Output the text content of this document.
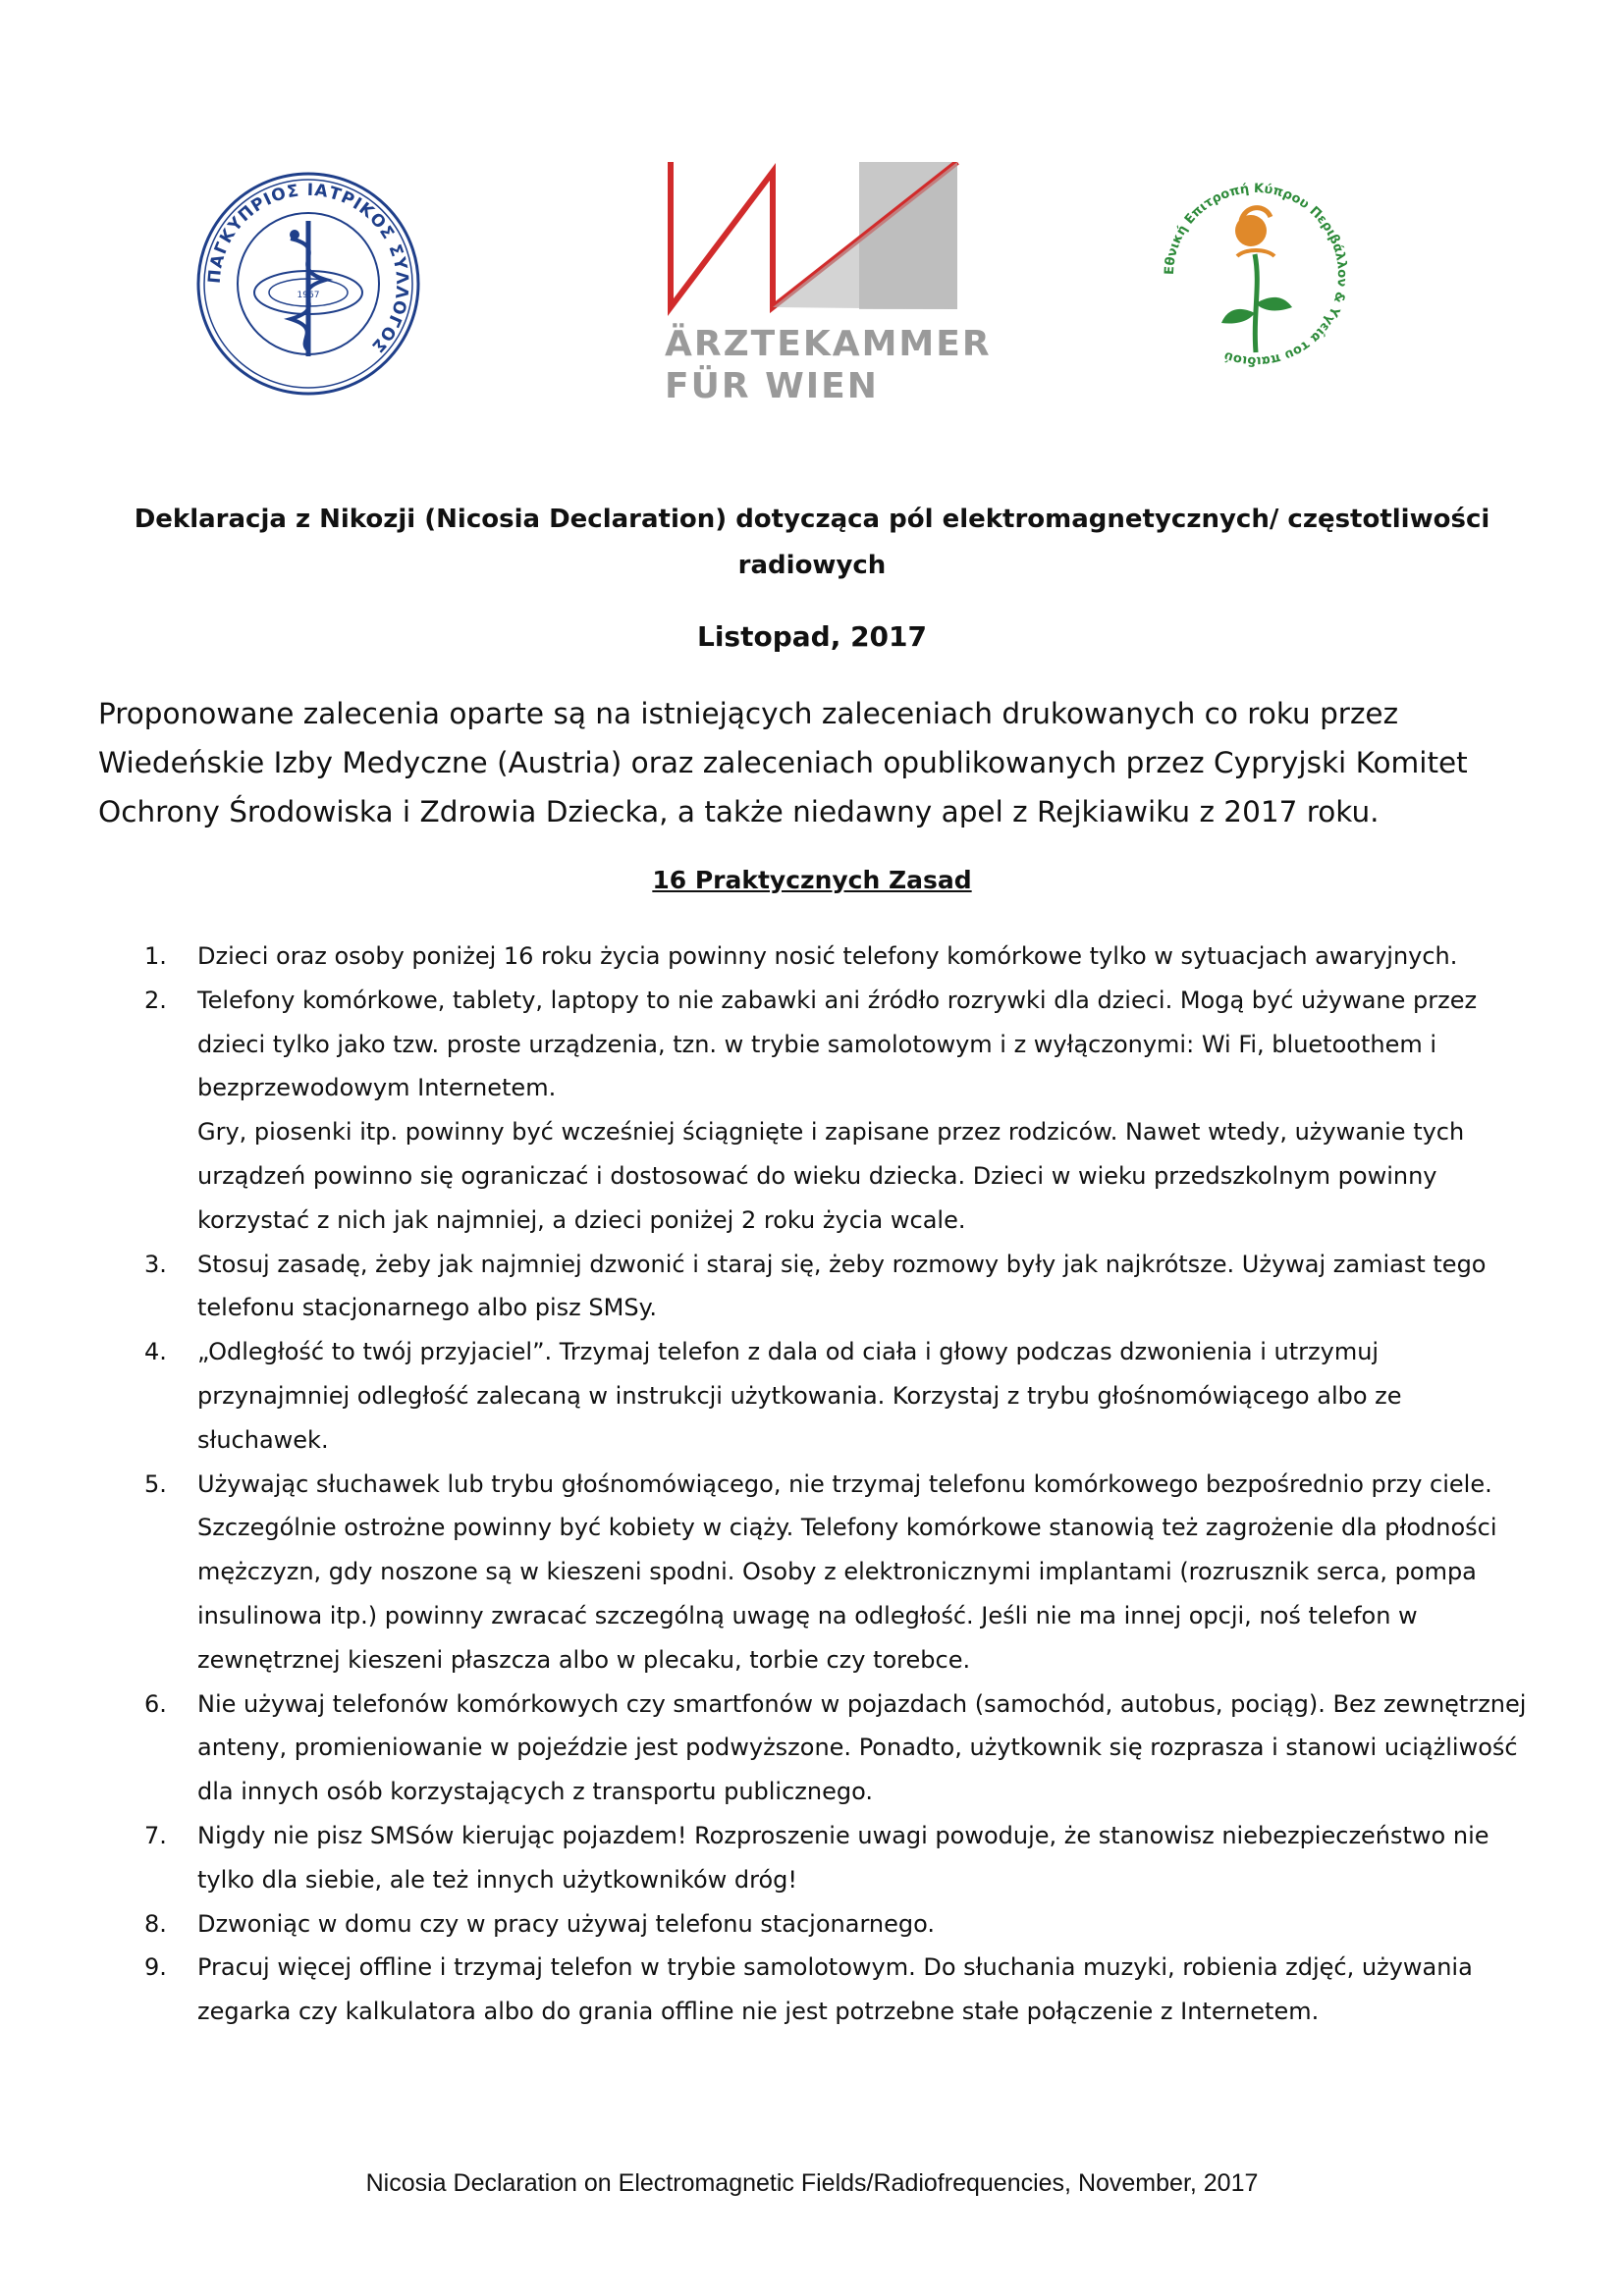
ΠΑΓΚΥΠΡΙΟΣ ΙΑΤΡΙΚΟΣ ΣΥΛΛΟΓΟΣ
1967
ÄRZTEKAMMER
FÜR WIEN
Εθνική Επιτροπή Κύπρου Περιβάλλον & Υγεία του παιδιού
Deklaracja z Nikozji (Nicosia Declaration) dotycząca pól elektromagnetycznych/ częstotliwości radiowych
Listopad, 2017
Proponowane zalecenia oparte są na istniejących zaleceniach drukowanych co roku przez Wiedeńskie Izby Medyczne (Austria) oraz zaleceniach opublikowanych przez Cypryjski Komitet Ochrony Środowiska i Zdrowia Dziecka, a także niedawny apel z Rejkiawiku z 2017 roku.
16 Praktycznych Zasad
1. Dzieci oraz osoby poniżej 16 roku życia powinny nosić telefony komórkowe tylko w sytuacjach awaryjnych.

2. Telefony komórkowe, tablety, laptopy to nie zabawki ani źródło rozrywki dla dzieci. Mogą być używane przez dzieci tylko jako tzw. proste urządzenia, tzn. w trybie samolotowym i z wyłączonymi: Wi Fi, bluetoothem i bezprzewodowym Internetem.

Gry, piosenki itp. powinny być wcześniej ściągnięte i zapisane przez rodziców. Nawet wtedy, używanie tych urządzeń powinno się ograniczać i dostosować do wieku dziecka. Dzieci w wieku przedszkolnym powinny korzystać z nich jak najmniej, a dzieci poniżej 2 roku życia wcale.

3. Stosuj zasadę, żeby jak najmniej dzwonić i staraj się, żeby rozmowy były jak najkrótsze. Używaj zamiast tego telefonu stacjonarnego albo pisz SMSy.

4. „Odległość to twój przyjaciel”. Trzymaj telefon z dala od ciała i głowy podczas dzwonienia i utrzymuj przynajmniej odległość zalecaną w instrukcji użytkowania. Korzystaj z trybu głośnomówiącego albo ze słuchawek.

5. Używając słuchawek lub trybu głośnomówiącego, nie trzymaj telefonu komórkowego bezpośrednio przy ciele. Szczególnie ostrożne powinny być kobiety w ciąży. Telefony komórkowe stanowią też zagrożenie dla płodności mężczyzn, gdy noszone są w kieszeni spodni. Osoby z elektronicznymi implantami (rozrusznik serca, pompa insulinowa itp.) powinny zwracać szczególną uwagę na odległość. Jeśli nie ma innej opcji, noś telefon w zewnętrznej kieszeni płaszcza albo w plecaku, torbie czy torebce.

6. Nie używaj telefonów komórkowych czy smartfonów w pojazdach (samochód, autobus, pociąg). Bez zewnętrznej anteny, promieniowanie w pojeździe jest podwyższone. Ponadto, użytkownik się rozprasza i stanowi uciążliwość dla innych osób korzystających z transportu publicznego.

7. Nigdy nie pisz SMSów kierując pojazdem! Rozproszenie uwagi powoduje, że stanowisz niebezpieczeństwo nie tylko dla siebie, ale też innych użytkowników dróg!

8. Dzwoniąc w domu czy w pracy używaj telefonu stacjonarnego.

9. Pracuj więcej offline i trzymaj telefon w trybie samolotowym. Do słuchania muzyki, robienia zdjęć, używania zegarka czy kalkulatora albo do grania offline nie jest potrzebne stałe połączenie z Internetem.

Nicosia Declaration on Electromagnetic Fields/Radiofrequencies, November, 2017
